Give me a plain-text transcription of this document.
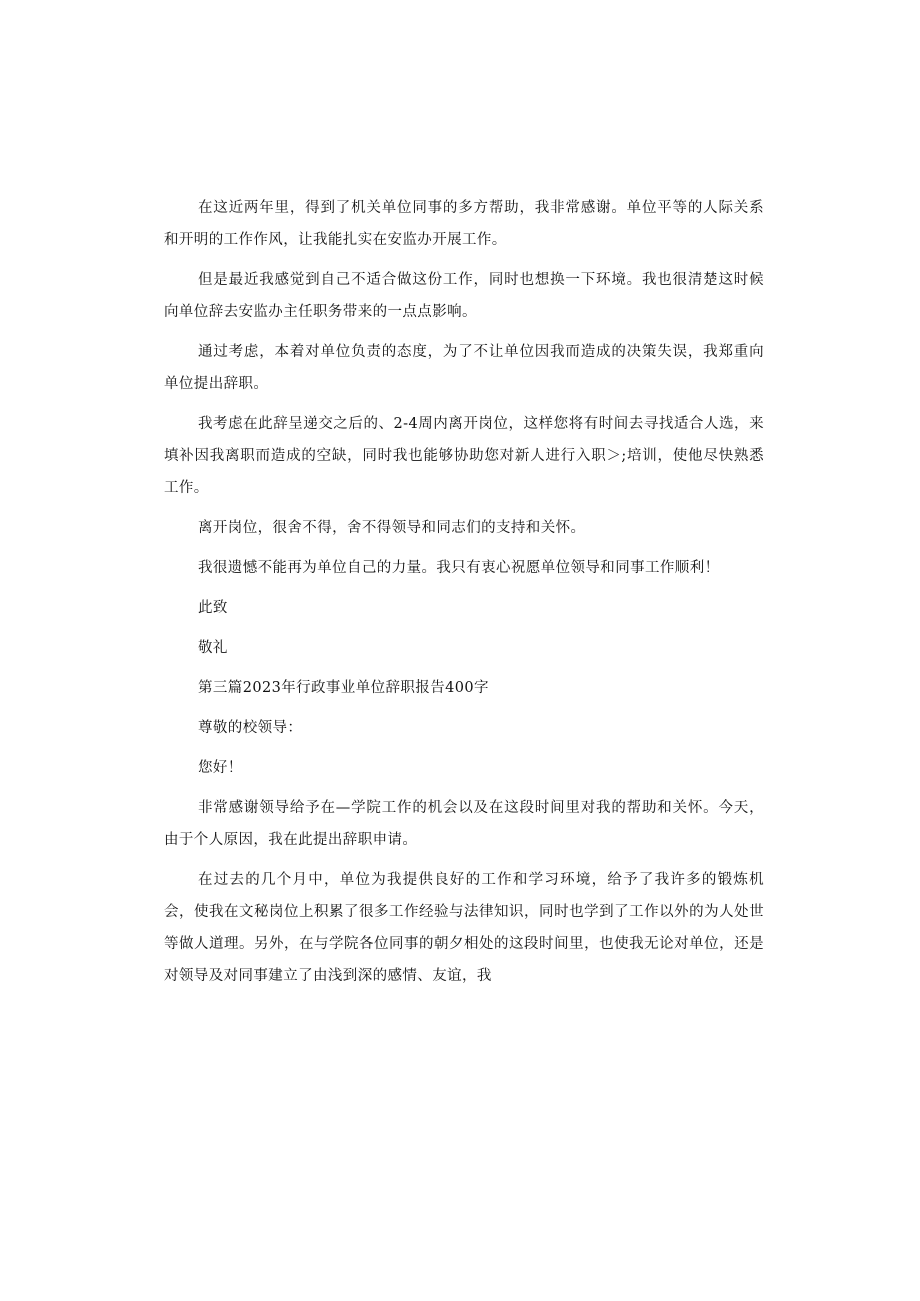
在这近两年里，得到了机关单位同事的多方帮助，我非常感谢。单位平等的人际关系和开明的工作作风，让我能扎实在安监办开展工作。

但是最近我感觉到自己不适合做这份工作，同时也想换一下环境。我也很清楚这时候向单位辞去安监办主任职务带来的一点点影响。

通过考虑，本着对单位负责的态度，为了不让单位因我而造成的决策失误，我郑重向单位提出辞职。

我考虑在此辞呈递交之后的、2-4周内离开岗位，这样您将有时间去寻找适合人选，来填补因我离职而造成的空缺，同时我也能够协助您对新人进行入职＞;培训，使他尽快熟悉工作。

离开岗位，很舍不得，舍不得领导和同志们的支持和关怀。

我很遗憾不能再为单位自己的力量。我只有衷心祝愿单位领导和同事工作顺利！

此致

敬礼

第三篇2023年行政事业单位辞职报告400字

尊敬的校领导：

您好！

非常感谢领导给予在—学院工作的机会以及在这段时间里对我的帮助和关怀。今天，由于个人原因，我在此提出辞职申请。

在过去的几个月中，单位为我提供良好的工作和学习环境，给予了我许多的锻炼机会，使我在文秘岗位上积累了很多工作经验与法律知识，同时也学到了工作以外的为人处世等做人道理。另外，在与学院各位同事的朝夕相处的这段时间里，也使我无论对单位，还是对领导及对同事建立了由浅到深的感情、友谊，我
